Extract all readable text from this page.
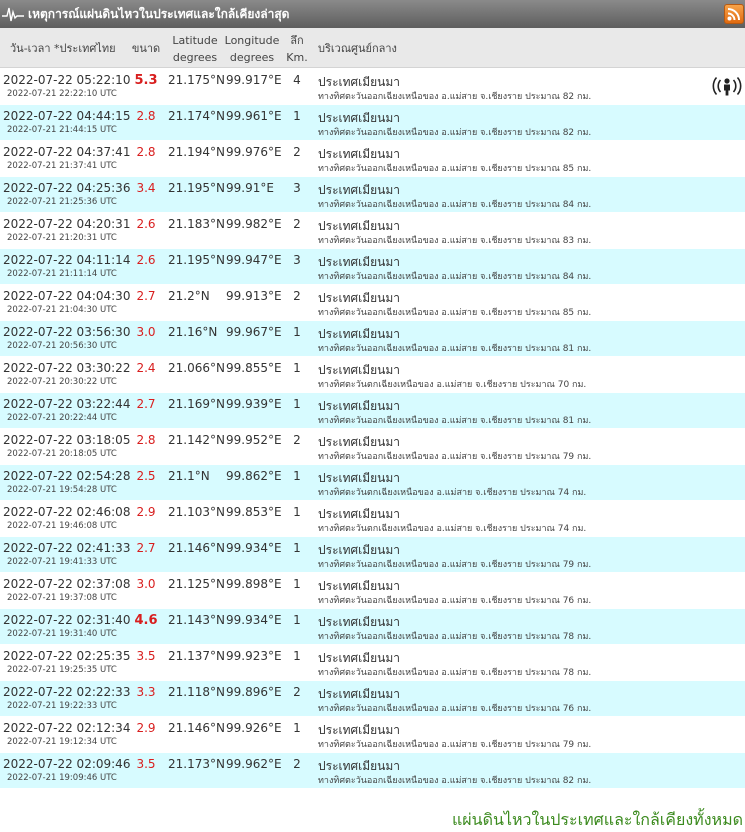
เหตุการณ์แผ่นดินไหวในประเทศและใกล้เคียงล่าสุด
วัน-เวลา *ประเทศไทย	ขนาด
Latitude degrees
Longitude degrees
ลึก Km.
บริเวณศูนย์กลาง
2022-07-22 05:22:10
2022-07-21 22:22:10 UTC
5.3 21.175°N 99.917°E 4	ประเทศเมียนมา
ทางทิศตะวันออกเฉียงเหนือของ อ.แม่สาย จ.เชียงราย ประมาณ 82 กม.
2022-07-22 04:44:15
2022-07-21 21:44:15 UTC
2.8	21.174°N 99.961°E 1	ประเทศเมียนมา
ทางทิศตะวันออกเฉียงเหนือของ อ.แม่สาย จ.เชียงราย ประมาณ 82 กม.
2022-07-22 04:37:41
2022-07-21 21:37:41 UTC
2.8	21.194°N 99.976°E 2	ประเทศเมียนมา
ทางทิศตะวันออกเฉียงเหนือของ อ.แม่สาย จ.เชียงราย ประมาณ 85 กม.
2022-07-22 04:25:36
2022-07-21 21:25:36 UTC
3.4	21.195°N 99.91°E	3	ประเทศเมียนมา
ทางทิศตะวันออกเฉียงเหนือของ อ.แม่สาย จ.เชียงราย ประมาณ 84 กม.
2022-07-22 04:20:31
2022-07-21 21:20:31 UTC
2.6	21.183°N 99.982°E 2	ประเทศเมียนมา
ทางทิศตะวันออกเฉียงเหนือของ อ.แม่สาย จ.เชียงราย ประมาณ 83 กม.
2022-07-22 04:11:14
2022-07-21 21:11:14 UTC
2.6	21.195°N 99.947°E 3	ประเทศเมียนมา
ทางทิศตะวันออกเฉียงเหนือของ อ.แม่สาย จ.เชียงราย ประมาณ 84 กม.
2022-07-22 04:04:30
2022-07-21 21:04:30 UTC
2.7	21.2°N 99.913°E 2	ประเทศเมียนมา
ทางทิศตะวันออกเฉียงเหนือของ อ.แม่สาย จ.เชียงราย ประมาณ 85 กม.
2022-07-22 03:56:30
2022-07-21 20:56:30 UTC
3.0	21.16°N 99.967°E 1	ประเทศเมียนมา
ทางทิศตะวันออกเฉียงเหนือของ อ.แม่สาย จ.เชียงราย ประมาณ 81 กม.
2022-07-22 03:30:22
2022-07-21 20:30:22 UTC
2.4	21.066°N 99.855°E 1	ประเทศเมียนมา
ทางทิศตะวันตกเฉียงเหนือของ อ.แม่สาย จ.เชียงราย ประมาณ 70 กม.
2022-07-22 03:22:44
2022-07-21 20:22:44 UTC
2.7	21.169°N 99.939°E 1	ประเทศเมียนมา
ทางทิศตะวันออกเฉียงเหนือของ อ.แม่สาย จ.เชียงราย ประมาณ 81 กม.
2022-07-22 03:18:05
2022-07-21 20:18:05 UTC
2.8	21.142°N 99.952°E 2	ประเทศเมียนมา
ทางทิศตะวันออกเฉียงเหนือของ อ.แม่สาย จ.เชียงราย ประมาณ 79 กม.
2022-07-22 02:54:28
2022-07-21 19:54:28 UTC
2.5	21.1°N 99.862°E 1	ประเทศเมียนมา
ทางทิศตะวันตกเฉียงเหนือของ อ.แม่สาย จ.เชียงราย ประมาณ 74 กม.
2022-07-22 02:46:08
2022-07-21 19:46:08 UTC
2.9	21.103°N 99.853°E 1	ประเทศเมียนมา
ทางทิศตะวันตกเฉียงเหนือของ อ.แม่สาย จ.เชียงราย ประมาณ 74 กม.
2022-07-22 02:41:33
2022-07-21 19:41:33 UTC
2.7	21.146°N 99.934°E 1	ประเทศเมียนมา
ทางทิศตะวันออกเฉียงเหนือของ อ.แม่สาย จ.เชียงราย ประมาณ 79 กม.
2022-07-22 02:37:08
2022-07-21 19:37:08 UTC
3.0	21.125°N 99.898°E 1	ประเทศเมียนมา
ทางทิศตะวันออกเฉียงเหนือของ อ.แม่สาย จ.เชียงราย ประมาณ 76 กม.
2022-07-22 02:31:40
2022-07-21 19:31:40 UTC
4.6 21.143°N 99.934°E 1	ประเทศเมียนมา
ทางทิศตะวันออกเฉียงเหนือของ อ.แม่สาย จ.เชียงราย ประมาณ 78 กม.
2022-07-22 02:25:35
2022-07-21 19:25:35 UTC
3.5	21.137°N 99.923°E 1	ประเทศเมียนมา
ทางทิศตะวันออกเฉียงเหนือของ อ.แม่สาย จ.เชียงราย ประมาณ 78 กม.
2022-07-22 02:22:33
2022-07-21 19:22:33 UTC
3.3	21.118°N 99.896°E 2	ประเทศเมียนมา
ทางทิศตะวันออกเฉียงเหนือของ อ.แม่สาย จ.เชียงราย ประมาณ 76 กม.
2022-07-22 02:12:34
2022-07-21 19:12:34 UTC
2.9	21.146°N 99.926°E 1	ประเทศเมียนมา
ทางทิศตะวันออกเฉียงเหนือของ อ.แม่สาย จ.เชียงราย ประมาณ 79 กม.
2022-07-22 02:09:46
2022-07-21 19:09:46 UTC
3.5	21.173°N 99.962°E 2	ประเทศเมียนมา
ทางทิศตะวันออกเฉียงเหนือของ อ.แม่สาย จ.เชียงราย ประมาณ 82 กม.
แผ่นดินไหวในประเทศและใกล้เคียงทั้งหมด
